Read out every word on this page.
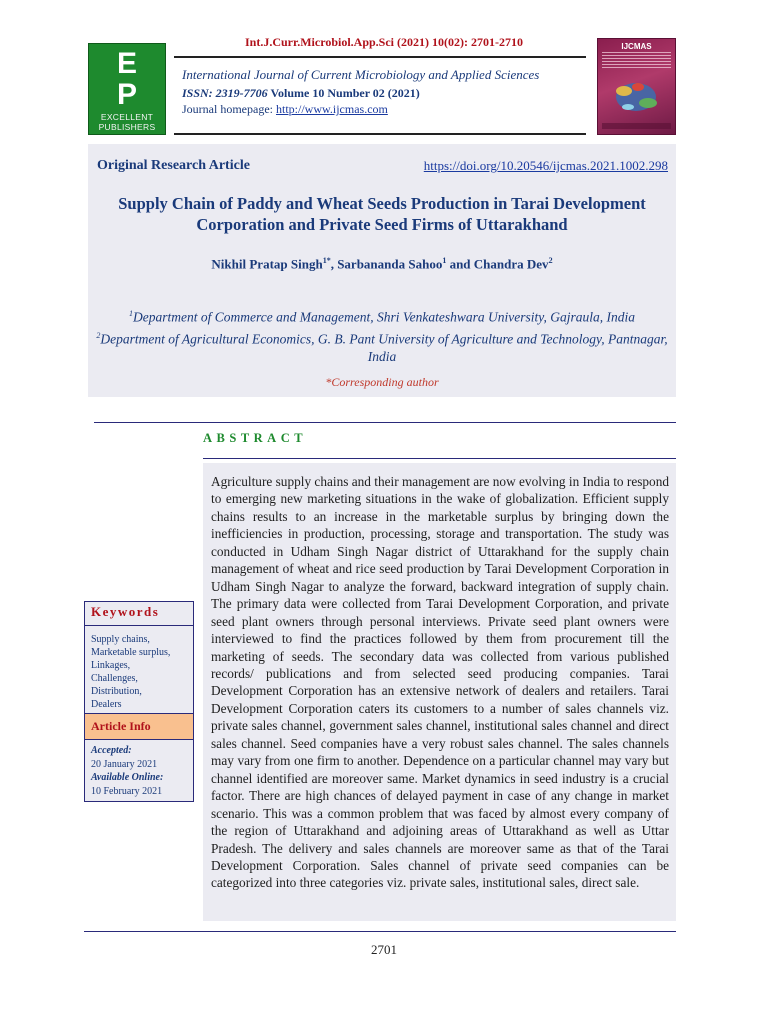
Int.J.Curr.Microbiol.App.Sci (2021) 10(02): 2701-2710
E
P
EXCELLENT
PUBLISHERS
International Journal of Current Microbiology and Applied Sciences
ISSN: 2319-7706 Volume 10 Number 02 (2021)
Journal homepage: http://www.ijcmas.com
IJCMAS
Original Research Article	https://doi.org/10.20546/ijcmas.2021.1002.298
Supply Chain of Paddy and Wheat Seeds Production in Tarai Development Corporation and Private Seed Firms of Uttarakhand
Nikhil Pratap Singh$^{1*}$, Sarbananda Sahoo$^1$ and Chandra Dev$^2$
$^1$Department of Commerce and Management, Shri Venkateshwara University, Gajraula, India
$^2$Department of Agricultural Economics, G. B. Pant University of Agriculture and Technology, Pantnagar, India
*Corresponding author
ABSTRACT
Keywords
Supply chains,
Marketable surplus,
Linkages,
Challenges,
Distribution,
Dealers
Article Info
Accepted:
20 January 2021
Available Online:
10 February 2021
Agriculture supply chains and their management are now evolving in India to respond to emerging new marketing situations in the wake of globalization. Efficient supply chains results to an increase in the marketable surplus by bringing down the inefficiencies in production, processing, storage and transportation. The study was conducted in Udham Singh Nagar district of Uttarakhand for the supply chain management of wheat and rice seed production by Tarai Development Corporation in Udham Singh Nagar to analyze the forward, backward integration of supply chain. The primary data were collected from Tarai Development Corporation, and private seed plant owners through personal interviews. Private seed plant owners were interviewed to find the practices followed by them from procurement till the marketing of seeds. The secondary data was collected from various published records/ publications and from selected seed producing companies. Tarai Development Corporation has an extensive network of dealers and retailers. Tarai Development Corporation caters its customers to a number of sales channels viz. private sales channel, government sales channel, institutional sales channel and direct sales channel. Seed companies have a very robust sales channel. The sales channels may vary from one firm to another. Dependence on a particular channel may vary but channel identified are moreover same. Market dynamics in seed industry is a crucial factor. There are high chances of delayed payment in case of any change in market scenario. This was a common problem that was faced by almost every company of the region of Uttarakhand and adjoining areas of Uttarakhand as well as Uttar Pradesh. The delivery and sales channels are moreover same as that of the Tarai Development Corporation. Sales channel of private seed companies can be categorized into three categories viz. private sales, institutional sales, direct sale.
2701
